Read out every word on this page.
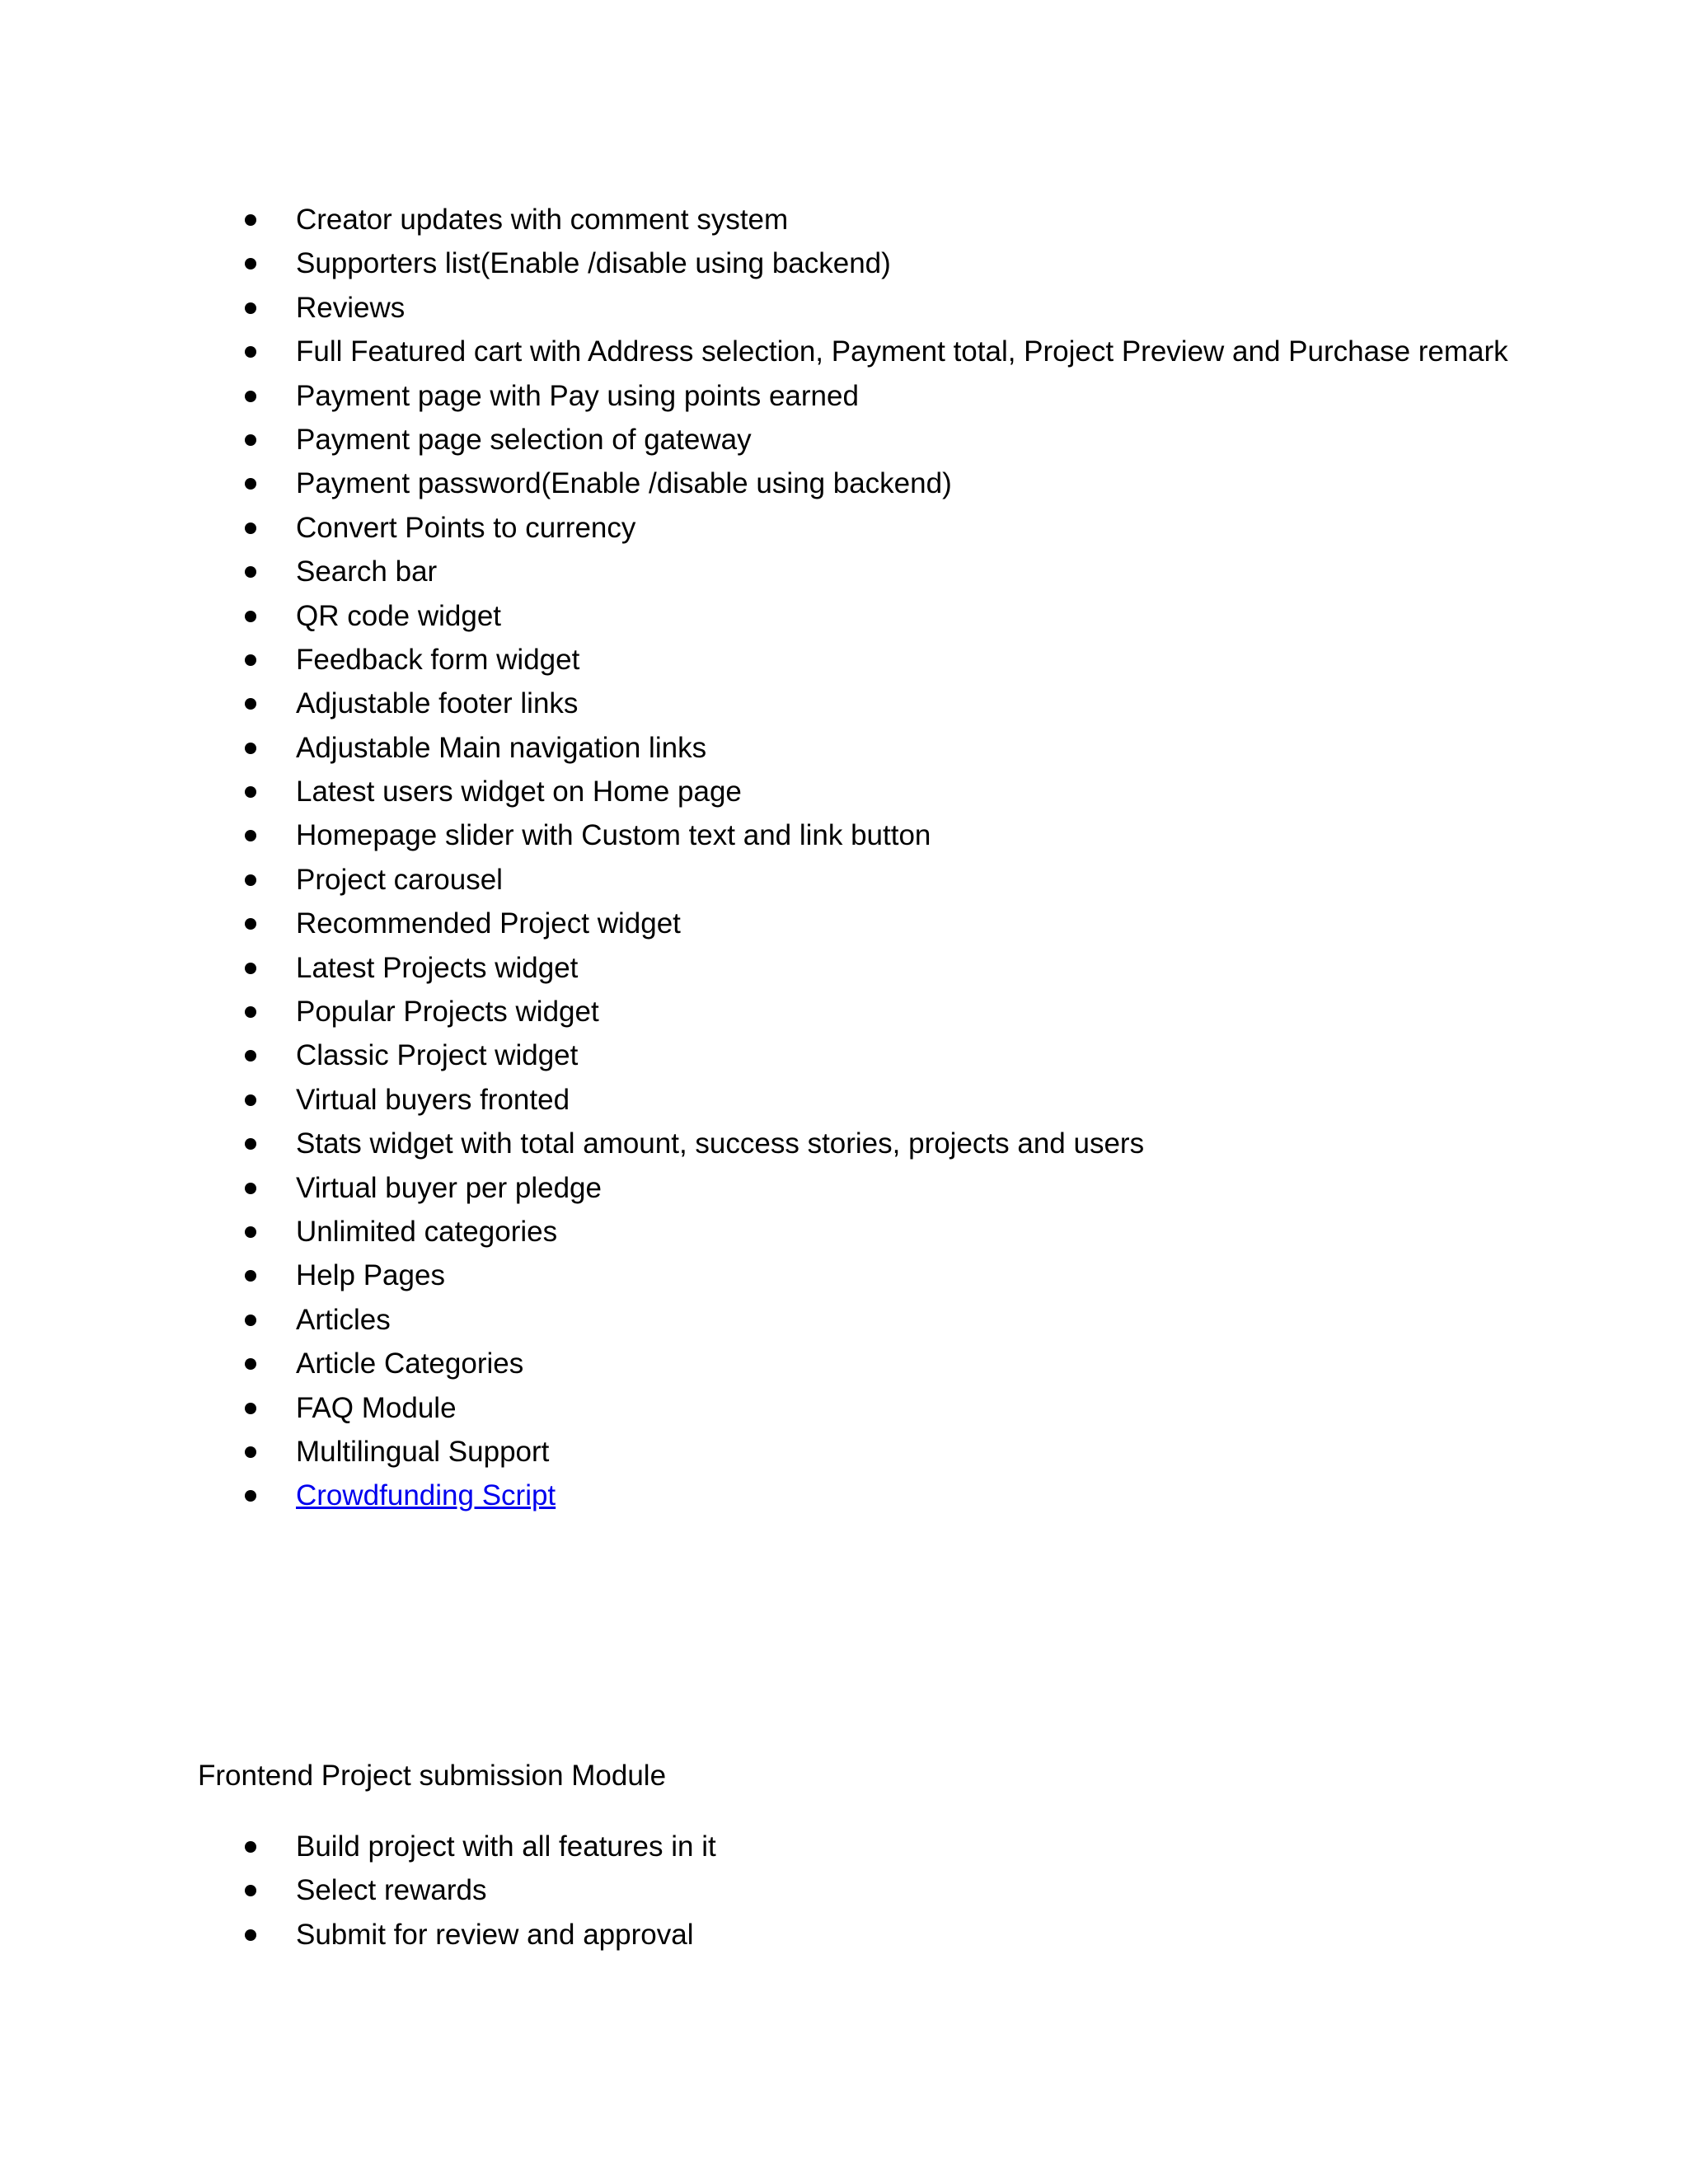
Creator updates with comment system
Supporters list(Enable /disable using backend)
Reviews
Full Featured cart with Address selection, Payment total, Project Preview and Purchase remark
Payment page with Pay using points earned
Payment page selection of gateway
Payment password(Enable /disable using backend)
Convert Points to currency
Search bar
QR code widget
Feedback form widget
Adjustable footer links
Adjustable Main navigation links
Latest users widget on Home page
Homepage slider with Custom text and link button
Project carousel
Recommended Project widget
Latest Projects widget
Popular Projects widget
Classic Project widget
Virtual buyers fronted
Stats widget with total amount, success stories, projects and users
Virtual buyer per pledge
Unlimited categories
Help Pages
Articles
Article Categories
FAQ Module
Multilingual Support
Crowdfunding Script
Frontend Project submission Module
Build project with all features in it
Select rewards
Submit for review and approval
